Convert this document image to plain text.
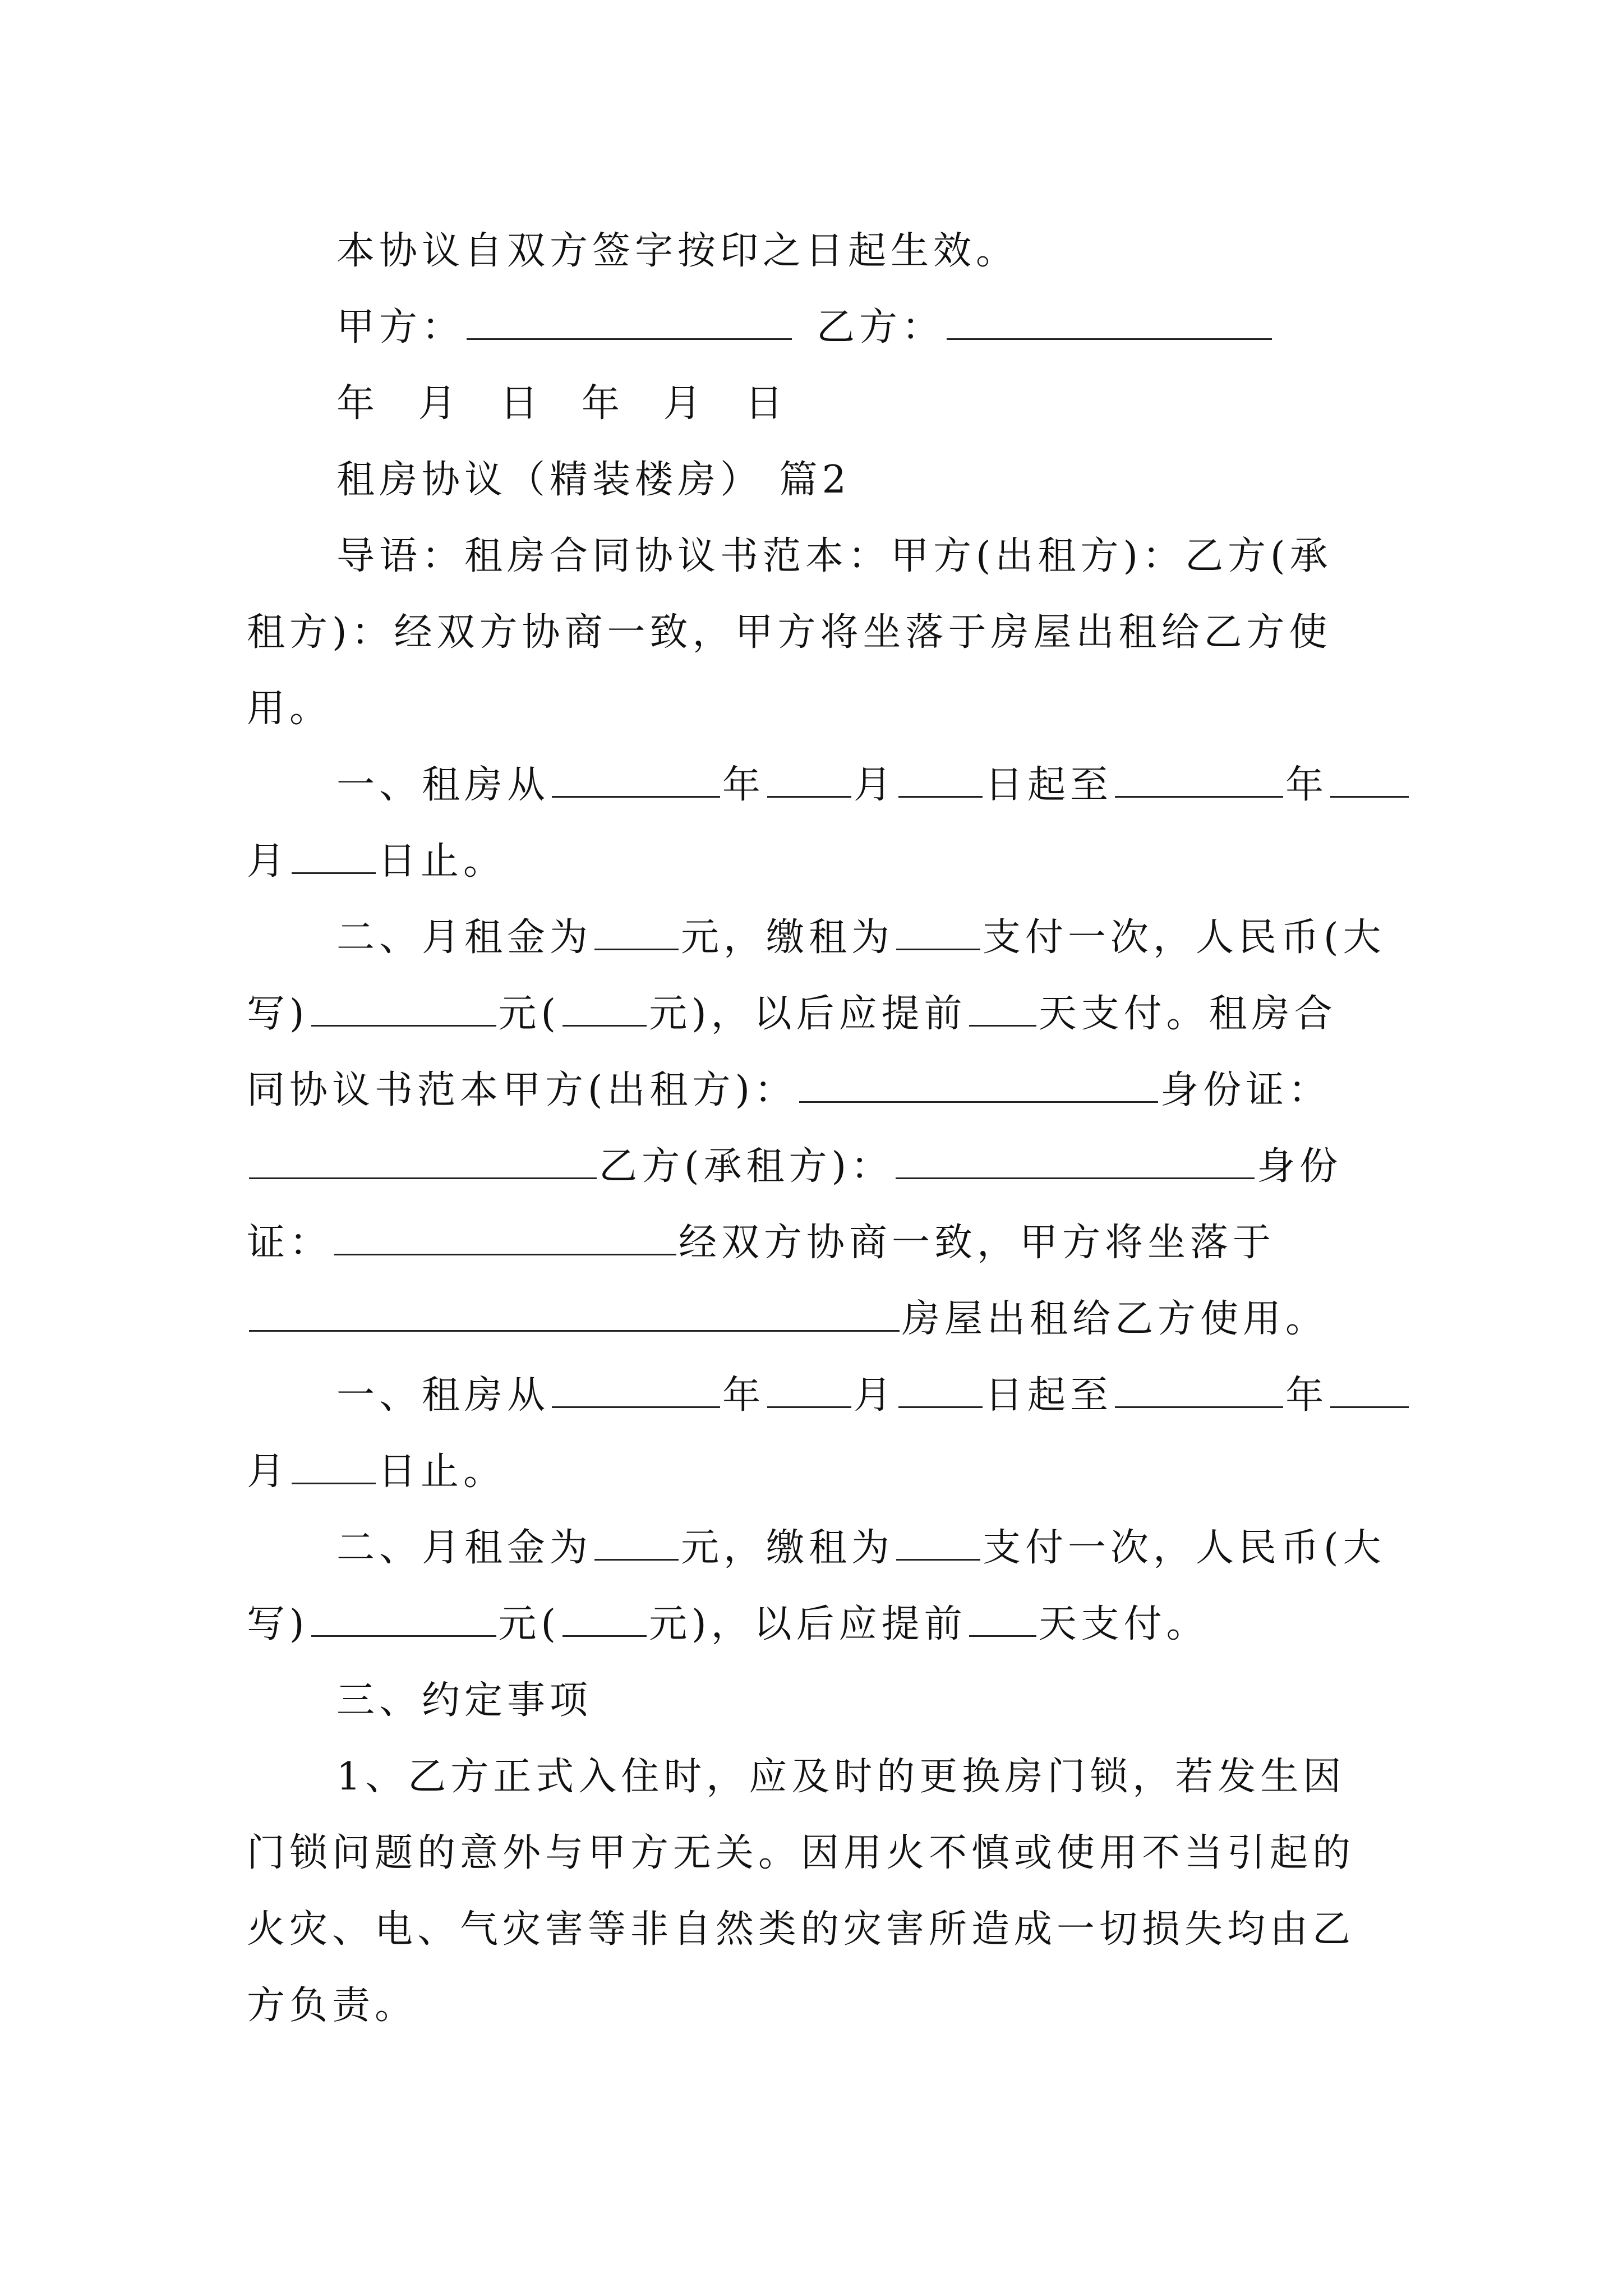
本协议自双方签字按印之日起生效。
甲方：	乙方：
年 月 日 年 月 日
租房协议（精装楼房） 篇2
导语：租房合同协议书范本：甲方(出租方)：乙方(承
租方)：经双方协商一致，甲方将坐落于房屋出租给乙方使
用。
一、租房从	年 月 日起至	年
月 日止。
二、月租金为 元，缴租为 支付一次，人民币(大
写)	元( 元)，以后应提前 天支付。租房合
同协议书范本甲方(出租方)：	身份证：
乙方(承租方)：	身份
证：	经双方协商一致，甲方将坐落于
房屋出租给乙方使用。
一、租房从	年 月 日起至	年
月 日止。
二、月租金为 元，缴租为 支付一次，人民币(大
写)	元( 元)，以后应提前 天支付。
三、约定事项
1、乙方正式入住时，应及时的更换房门锁，若发生因
门锁问题的意外与甲方无关。因用火不慎或使用不当引起的
火灾、电、气灾害等非自然类的灾害所造成一切损失均由乙
方负责。
